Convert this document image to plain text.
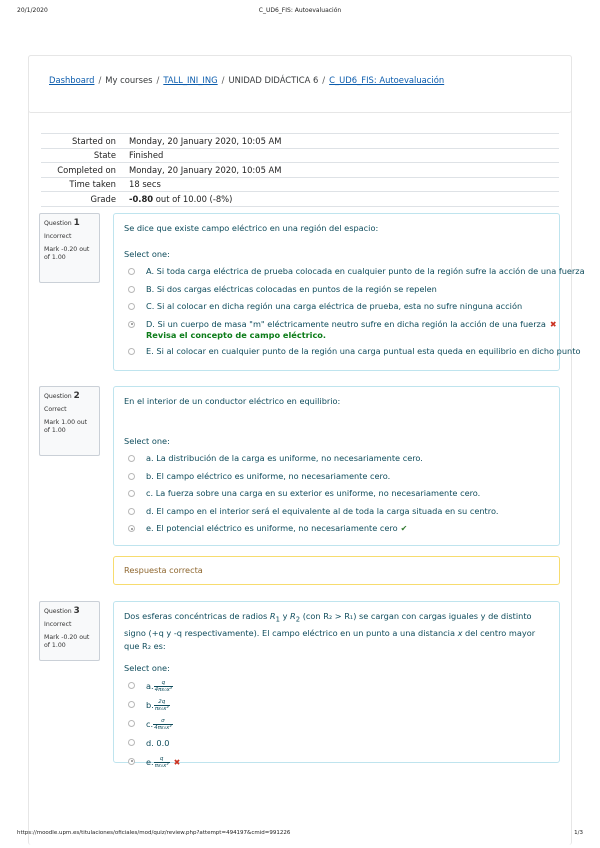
20/1/2020	C_UD6_FIS: Autoevaluación
Dashboard / My courses / TALL_INI_ING / UNIDAD DIDÁCTICA 6 / C_UD6_FIS: Autoevaluación
Started on	Monday, 20 January 2020, 10:05 AM
State	Finished
Completed on	Monday, 20 January 2020, 10:05 AM
Time taken	18 secs
Grade	-0.80 out of 10.00 (-8%)
Question 1
Incorrect
Mark -0.20 out of 1.00
Se dice que existe campo eléctrico en una región del espacio:
Select one:
A. Si toda carga eléctrica de prueba colocada en cualquier punto de la región sufre la acción de una fuerza
B. Si dos cargas eléctricas colocadas en puntos de la región se repelen
C. Si al colocar en dicha región una carga eléctrica de prueba, esta no sufre ninguna acción
D. Si un cuerpo de masa "m" eléctricamente neutro sufre en dicha región la acción de una fuerza ✖
Revisa el concepto de campo eléctrico.
E. Si al colocar en cualquier punto de la región una carga puntual esta queda en equilibrio en dicho punto
Question 2
Correct
Mark 1.00 out of 1.00
En el interior de un conductor eléctrico en equilibrio:
Select one:
a. La distribución de la carga es uniforme, no necesariamente cero.
b. El campo eléctrico es uniforme, no necesariamente cero.
c. La fuerza sobre una carga en su exterior es uniforme, no necesariamente cero.
d. El campo en el interior será el equivalente al de toda la carga situada en su centro.
e. El potencial eléctrico es uniforme, no necesariamente cero ✔
Respuesta correcta
Question 3
Incorrect
Mark -0.20 out of 1.00
Dos esferas concéntricas de radios $R_1$ y $R_2$ (con R₂ > R₁) se cargan con cargas iguales y de distinto signo (+q y -q respectivamente). El campo eléctrico en un punto a una distancia x del centro mayor que R₂ es:
Select one:
a. $\frac{q}{\text{4πε₀x²}}$
b. $\frac{2q}{\text{πε₀x²}}$
c. $\frac{\sigma}{\text{4πε₀x²}}$
d. 0.0
e. $\frac{q}{\text{πε₀x²}}$ ✖
https://moodle.upm.es/titulaciones/oficiales/mod/quiz/review.php?attempt=494197&cmid=991226	1/3
